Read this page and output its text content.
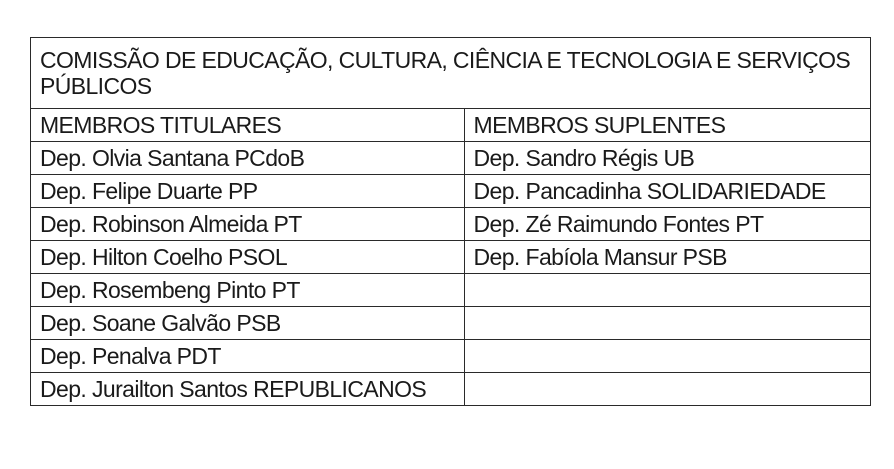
COMISSÃO DE EDUCAÇÃO, CULTURA, CIÊNCIA E TECNOLOGIA E SERVIÇOS PÚBLICOS	
MEMBROS TITULARES	MEMBROS SUPLENTES
Dep. Olvia Santana PCdoB	Dep. Sandro Régis UB
Dep. Felipe Duarte PP	Dep. Pancadinha SOLIDARIEDADE
Dep. Robinson Almeida PT	Dep. Zé Raimundo Fontes PT
Dep. Hilton Coelho PSOL	Dep. Fabíola Mansur PSB
Dep. Rosembeng Pinto PT	
Dep. Soane Galvão PSB	
Dep. Penalva PDT	
Dep. Jurailton Santos REPUBLICANOS	
